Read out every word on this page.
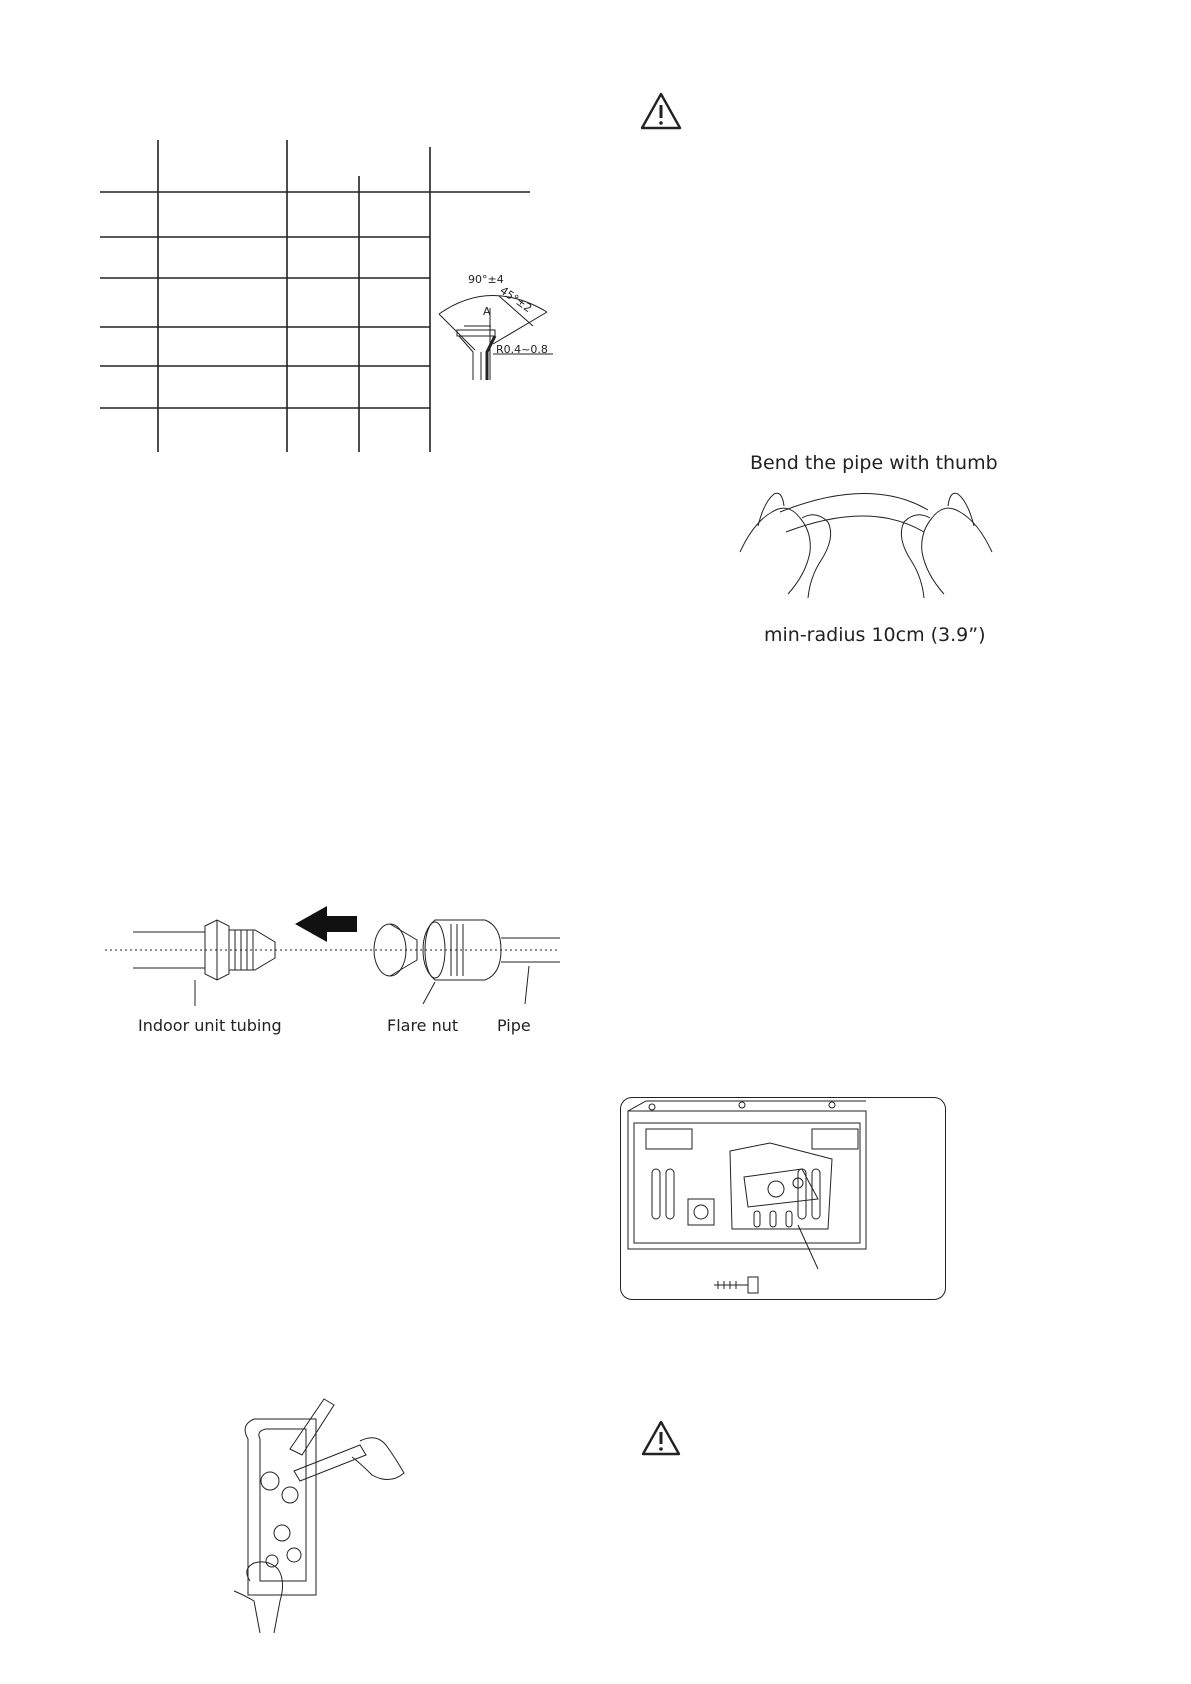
90°±4
45°±2
A
R0.4~0.8
Bend the pipe with thumb
min-radius 10cm (3.9”)
Indoor unit tubing	Flare nut Pipe
